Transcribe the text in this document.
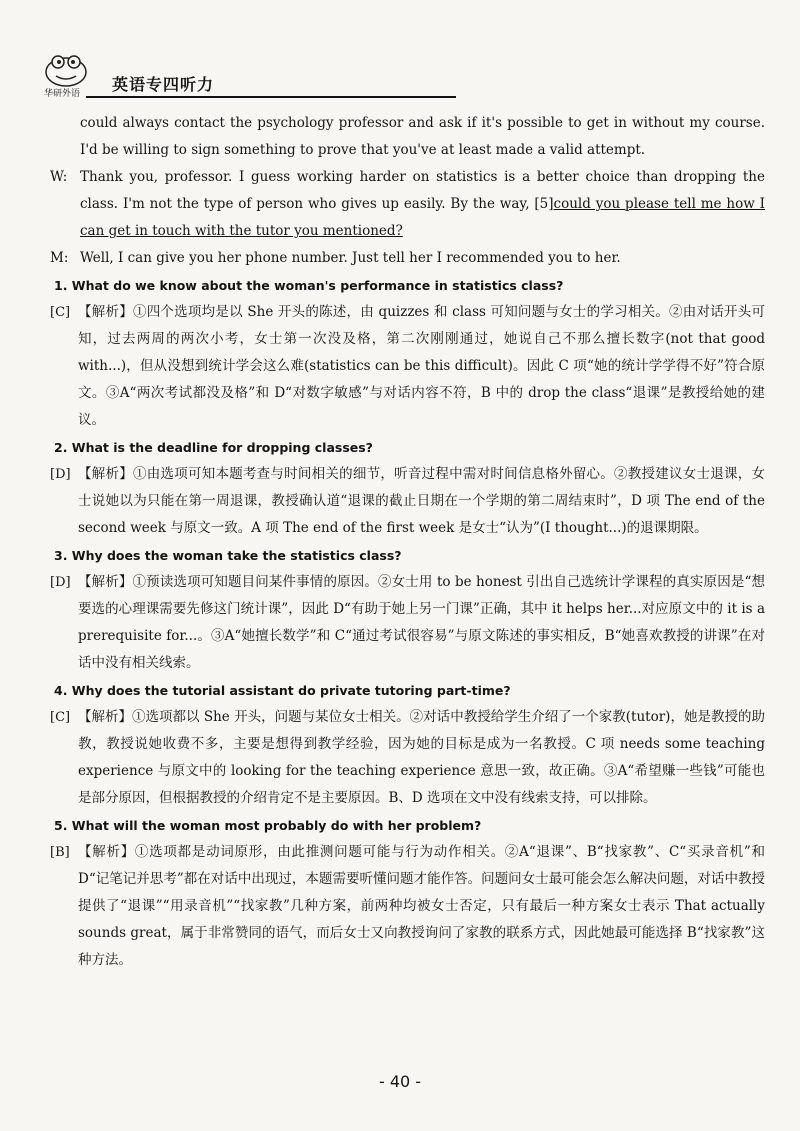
华研外语 英语专四听力

could always contact the psychology professor and ask if it's possible to get in without my course. I'd be willing to sign something to prove that you've at least made a valid attempt.

W: Thank you, professor. I guess working harder on statistics is a better choice than dropping the class. I'm not the type of person who gives up easily. By the way, [5]could you please tell me how I can get in touch with the tutor you mentioned?
M: Well, I can give you her phone number. Just tell her I recommended you to her.

1. What do we know about the woman's performance in statistics class?

[C] 【解析】①四个选项均是以 She 开头的陈述，由 quizzes 和 class 可知问题与女士的学习相关。②由对话开头可知，过去两周的两次小考，女士第一次没及格，第二次刚刚通过，她说自己不那么擅长数字(not that good with...)，但从没想到统计学会这么难(statistics can be this difficult)。因此 C 项“她的统计学学得不好”符合原文。③A“两次考试都没及格”和 D“对数字敏感”与对话内容不符，B 中的 drop the class“退课”是教授给她的建议。

2. What is the deadline for dropping classes?

[D] 【解析】①由选项可知本题考查与时间相关的细节，听音过程中需对时间信息格外留心。②教授建议女士退课，女士说她以为只能在第一周退课，教授确认道“退课的截止日期在一个学期的第二周结束时”，D 项 The end of the second week 与原文一致。A 项 The end of the first week 是女士“认为”(I thought...)的退课期限。

3. Why does the woman take the statistics class?

[D] 【解析】①预读选项可知题目问某件事情的原因。②女士用 to be honest 引出自己选统计学课程的真实原因是“想要选的心理课需要先修这门统计课”，因此 D“有助于她上另一门课”正确，其中 it helps her...对应原文中的 it is a prerequisite for...。③A“她擅长数学”和 C“通过考试很容易”与原文陈述的事实相反，B“她喜欢教授的讲课”在对话中没有相关线索。

4. Why does the tutorial assistant do private tutoring part-time?

[C] 【解析】①选项都以 She 开头，问题与某位女士相关。②对话中教授给学生介绍了一个家教(tutor)，她是教授的助教，教授说她收费不多，主要是想得到教学经验，因为她的目标是成为一名教授。C 项 needs some teaching experience 与原文中的 looking for the teaching experience 意思一致，故正确。③A“希望赚一些钱”可能也是部分原因，但根据教授的介绍肯定不是主要原因。B、D 选项在文中没有线索支持，可以排除。

5. What will the woman most probably do with her problem?

[B] 【解析】①选项都是动词原形，由此推测问题可能与行为动作相关。②A“退课”、B“找家教”、C“买录音机”和 D“记笔记并思考”都在对话中出现过，本题需要听懂问题才能作答。问题问女士最可能会怎么解决问题，对话中教授提供了“退课”“用录音机”“找家教”几种方案，前两种均被女士否定，只有最后一种方案女士表示 That actually sounds great，属于非常赞同的语气，而后女士又向教授询问了家教的联系方式，因此她最可能选择 B“找家教”这种方法。
- 40 -
